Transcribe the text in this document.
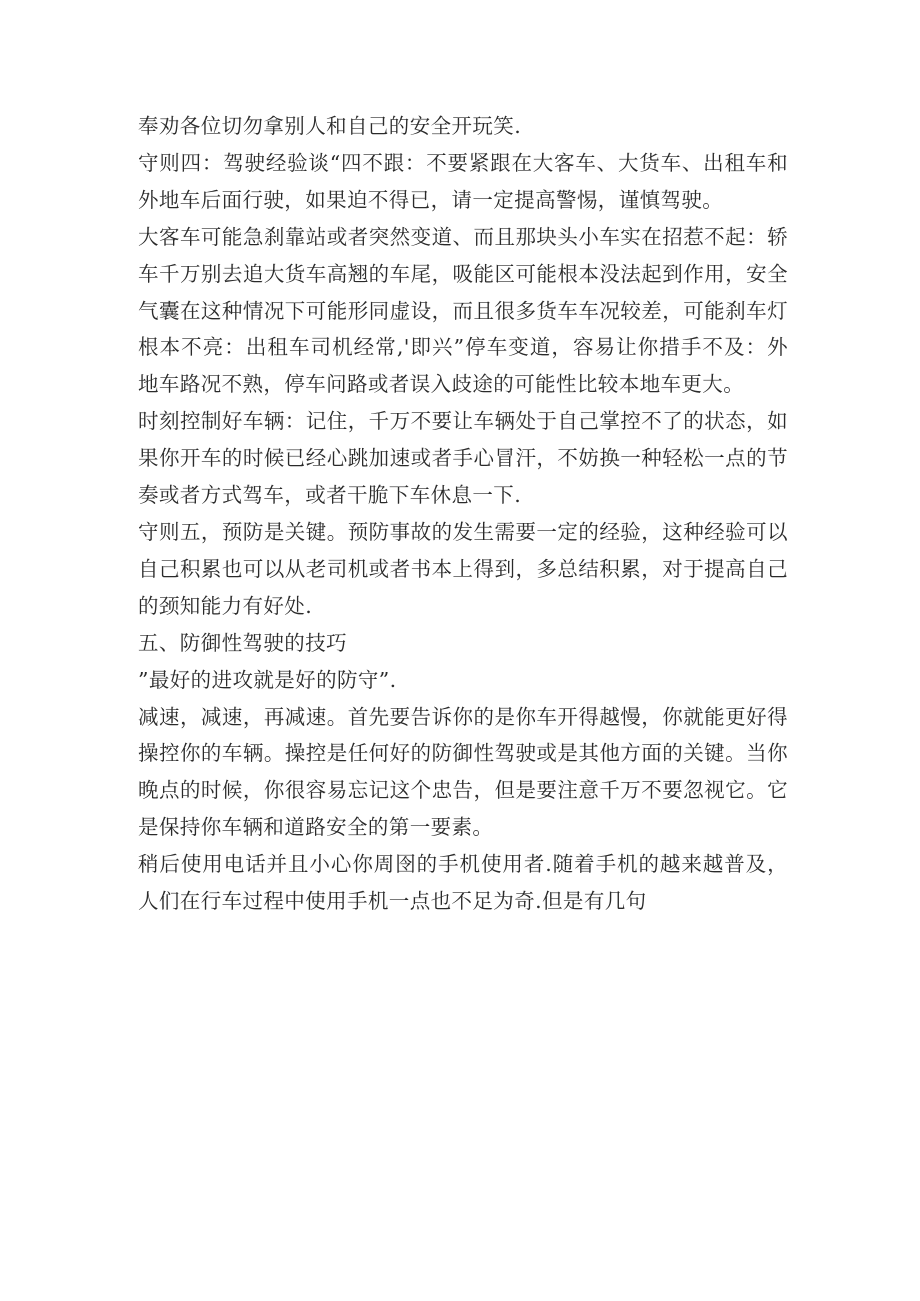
奉劝各位切勿拿别人和自己的安全开玩笑.

守则四：驾驶经验谈“四不跟：不要紧跟在大客车、大货车、出租车和外地车后面行驶，如果迫不得已，请一定提高警惕，谨慎驾驶。

大客车可能急刹靠站或者突然变道、而且那块头小车实在招惹不起：轿车千万别去追大货车高翘的车尾，吸能区可能根本没法起到作用，安全气囊在这种情况下可能形同虚设，而且很多货车车况较差，可能刹车灯根本不亮：出租车司机经常,'即兴”停车变道，容易让你措手不及：外地车路况不熟，停车问路或者误入歧途的可能性比较本地车更大。

时刻控制好车辆：记住，千万不要让车辆处于自己掌控不了的状态，如果你开车的时候已经心跳加速或者手心冒汗，不妨换一种轻松一点的节奏或者方式驾车，或者干脆下车休息一下.

守则五，预防是关键。预防事故的发生需要一定的经验，这种经验可以自己积累也可以从老司机或者书本上得到，多总结积累，对于提高自己的颈知能力有好处.

五、防御性驾驶的技巧

”最好的进攻就是好的防守”.

减速，减速，再减速。首先要告诉你的是你车开得越慢，你就能更好得操控你的车辆。操控是任何好的防御性驾驶或是其他方面的关键。当你晚点的时候，你很容易忘记这个忠告，但是要注意千万不要忽视它。它是保持你车辆和道路安全的第一要素。

稍后使用电话并且小心你周囹的手机使用者.随着手机的越来越普及，人们在行车过程中使用手机一点也不足为奇.但是有几句
